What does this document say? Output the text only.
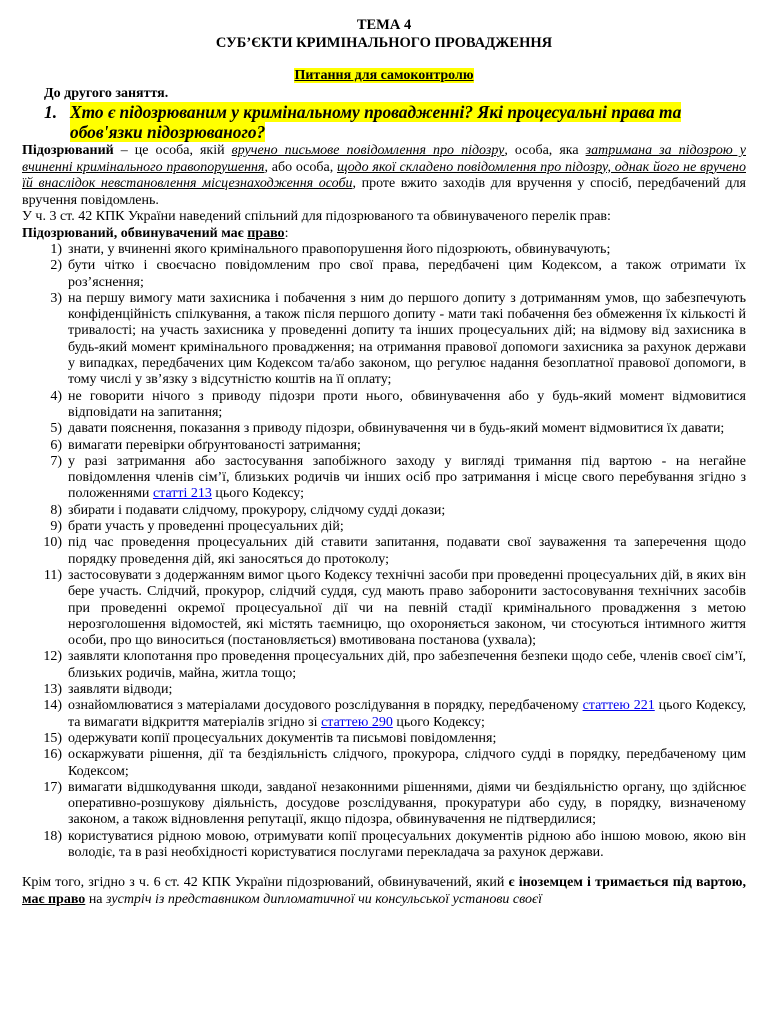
ТЕМА 4
СУБ’ЄКТИ КРИМІНАЛЬНОГО ПРОВАДЖЕННЯ
Питання для самоконтролю
До другого заняття.
1. Хто є підозрюваним у кримінальному провадженні? Які процесуальні права та обов'язки підозрюваного?

Підозрюваний – це особа, якій вручено письмове повідомлення про підозру, особа, яка затримана за підозрою у вчиненні кримінального правопорушення, або особа, щодо якої складено повідомлення про підозру, однак його не вручено їй внаслідок невстановлення місцезнаходження особи, проте вжито заходів для вручення у спосіб, передбачений для вручення повідомлень.

У ч. 3 ст. 42 КПК України наведений спільний для підозрюваного та обвинуваченого перелік прав:

Підозрюваний, обвинувачений має право:

1) знати, у вчиненні якого кримінального правопорушення його підозрюють, обвинувачують;
2) бути чітко і своєчасно повідомленим про свої права, передбачені цим Кодексом, а також отримати їх роз’яснення;
3) на першу вимогу мати захисника і побачення з ним до першого допиту з дотриманням умов, що забезпечують конфіденційність спілкування, а також після першого допиту - мати такі побачення без обмеження їх кількості й тривалості; на участь захисника у проведенні допиту та інших процесуальних дій; на відмову від захисника в будь-який момент кримінального провадження; на отримання правової допомоги захисника за рахунок держави у випадках, передбачених цим Кодексом та/або законом, що регулює надання безоплатної правової допомоги, в тому числі у зв’язку з відсутністю коштів на її оплату;
4) не говорити нічого з приводу підозри проти нього, обвинувачення або у будь-який момент відмовитися відповідати на запитання;
5) давати пояснення, показання з приводу підозри, обвинувачення чи в будь-який момент відмовитися їх давати;
6) вимагати перевірки обґрунтованості затримання;
7) у разі затримання або застосування запобіжного заходу у вигляді тримання під вартою - на негайне повідомлення членів сім’ї, близьких родичів чи інших осіб про затримання і місце свого перебування згідно з положеннями статті 213 цього Кодексу;
8) збирати і подавати слідчому, прокурору, слідчому судді докази;
9) брати участь у проведенні процесуальних дій;
10) під час проведення процесуальних дій ставити запитання, подавати свої зауваження та заперечення щодо порядку проведення дій, які заносяться до протоколу;
11) застосовувати з додержанням вимог цього Кодексу технічні засоби при проведенні процесуальних дій, в яких він бере участь. Слідчий, прокурор, слідчий суддя, суд мають право заборонити застосовування технічних засобів при проведенні окремої процесуальної дії чи на певній стадії кримінального провадження з метою нерозголошення відомостей, які містять таємницю, що охороняється законом, чи стосуються інтимного життя особи, про що виноситься (постановляється) вмотивована постанова (ухвала);
12) заявляти клопотання про проведення процесуальних дій, про забезпечення безпеки щодо себе, членів своєї сім’ї, близьких родичів, майна, житла тощо;
13) заявляти відводи;
14) ознайомлюватися з матеріалами досудового розслідування в порядку, передбаченому статтею 221 цього Кодексу, та вимагати відкриття матеріалів згідно зі статтею 290 цього Кодексу;
15) одержувати копії процесуальних документів та письмові повідомлення;
16) оскаржувати рішення, дії та бездіяльність слідчого, прокурора, слідчого судді в порядку, передбаченому цим Кодексом;
17) вимагати відшкодування шкоди, завданої незаконними рішеннями, діями чи бездіяльністю органу, що здійснює оперативно-розшукову діяльність, досудове розслідування, прокуратури або суду, в порядку, визначеному законом, а також відновлення репутації, якщо підозра, обвинувачення не підтвердилися;
18) користуватися рідною мовою, отримувати копії процесуальних документів рідною або іншою мовою, якою він володіє, та в разі необхідності користуватися послугами перекладача за рахунок держави.

Крім того, згідно з ч. 6 ст. 42 КПК України підозрюваний, обвинувачений, який є іноземцем і тримається під вартою, має право на зустріч із представником дипломатичної чи консульської установи своєї
